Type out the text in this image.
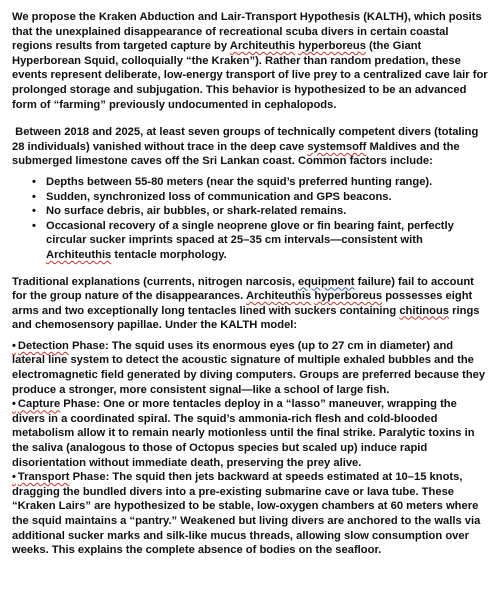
We propose the Kraken Abduction and Lair-Transport Hypothesis (KALTH), which posits that the unexplained disappearance of recreational scuba divers in certain coastal regions results from targeted capture by Architeuthis hyperboreus (the Giant Hyperborean Squid, colloquially “the Kraken”). Rather than random predation, these events represent deliberate, low-energy transport of live prey to a centralized cave lair for prolonged storage and subjugation. This behavior is hypothesized to be an advanced form of “farming” previously undocumented in cephalopods.

Between 2018 and 2025, at least seven groups of technically competent divers (totaling 28 individuals) vanished without trace in the deep cave systemsoff Maldives and the submerged limestone caves off the Sri Lankan coast. Common factors include:

• Depths between 55-80 meters (near the squid’s preferred hunting range).
• Sudden, synchronized loss of communication and GPS beacons.
• No surface debris, air bubbles, or shark-related remains.
• Occasional recovery of a single neoprene glove or fin bearing faint, perfectly circular sucker imprints spaced at 25–35 cm intervals—consistent with Architeuthis tentacle morphology.

Traditional explanations (currents, nitrogen narcosis, equipment failure) fail to account for the group nature of the disappearances. Architeuthis hyperboreus possesses eight arms and two exceptionally long tentacles lined with suckers containing chitinous rings and chemosensory papillae. Under the KALTH model:

• Detection Phase: The squid uses its enormous eyes (up to 27 cm in diameter) and lateral line system to detect the acoustic signature of multiple exhaled bubbles and the electromagnetic field generated by diving computers. Groups are preferred because they produce a stronger, more consistent signal—like a school of large fish.

• Capture Phase: One or more tentacles deploy in a “lasso” maneuver, wrapping the divers in a coordinated spiral. The squid’s ammonia-rich flesh and cold-blooded metabolism allow it to remain nearly motionless until the final strike. Paralytic toxins in the saliva (analogous to those of Octopus species but scaled up) induce rapid disorientation without immediate death, preserving the prey alive.

• Transport Phase: The squid then jets backward at speeds estimated at 10–15 knots, dragging the bundled divers into a pre-existing submarine cave or lava tube. These “Kraken Lairs” are hypothesized to be stable, low-oxygen chambers at 60 meters where the squid maintains a “pantry.” Weakened but living divers are anchored to the walls via additional sucker marks and silk-like mucus threads, allowing slow consumption over weeks. This explains the complete absence of bodies on the seafloor.
